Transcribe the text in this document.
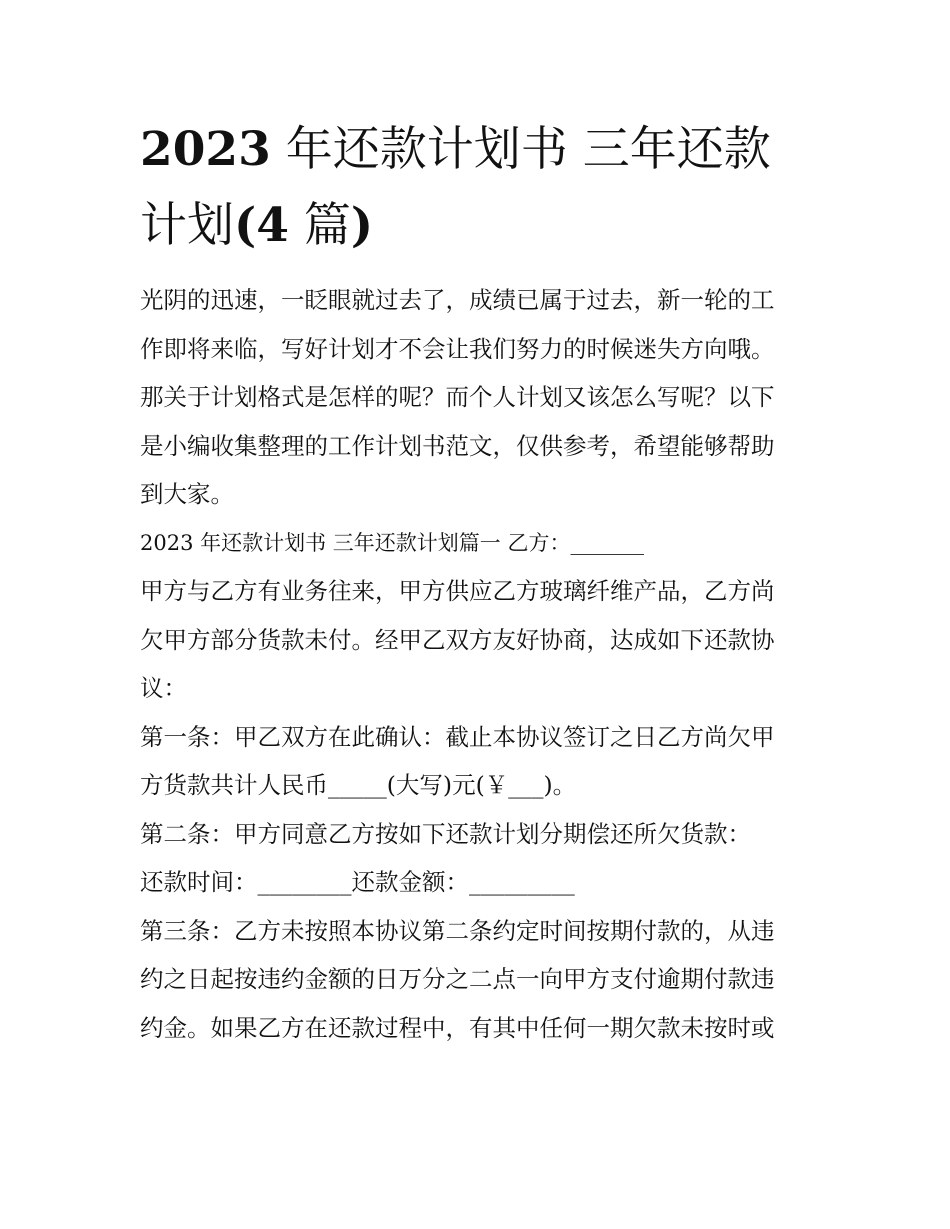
2023 年还款计划书 三年还款
计划(4 篇)

光阴的迅速，一眨眼就过去了，成绩已属于过去，新一轮的工
作即将来临，写好计划才不会让我们努力的时候迷失方向哦。
那关于计划格式是怎样的呢？而个人计划又该怎么写呢？以下
是小编收集整理的工作计划书范文，仅供参考，希望能够帮助
到大家。

2023 年还款计划书 三年还款计划篇一 乙方：_______

甲方与乙方有业务往来，甲方供应乙方玻璃纤维产品，乙方尚
欠甲方部分货款未付。经甲乙双方友好协商，达成如下还款协
议：

第一条：甲乙双方在此确认：截止本协议签订之日乙方尚欠甲
方货款共计人民币_____(大写)元(￥___)。

第二条：甲方同意乙方按如下还款计划分期偿还所欠货款：

还款时间：________还款金额：_________

第三条：乙方未按照本协议第二条约定时间按期付款的，从违
约之日起按违约金额的日万分之二点一向甲方支付逾期付款违
约金。如果乙方在还款过程中，有其中任何一期欠款未按时或
